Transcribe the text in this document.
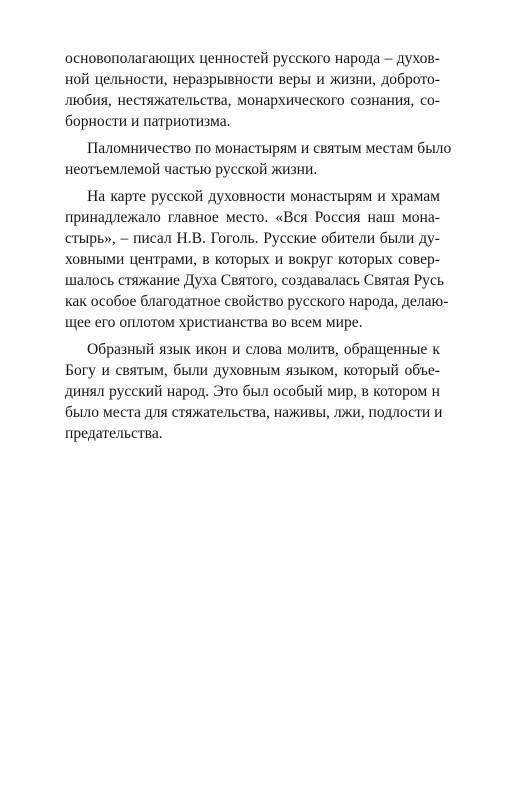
основополагающих ценностей русского народа – духов-
ной цельности, неразрывности веры и жизни, доброто-
любия, нестяжательства, монархического сознания, со-
борности и патриотизма.
Паломничество по монастырям и святым местам было
неотъемлемой частью русской жизни.
На карте русской духовности монастырям и храмам
принадлежало главное место. «Вся Россия наш мона-
стырь», – писал Н.В. Гоголь. Русские обители были ду-
ховными центрами, в которых и вокруг которых совер-
шалось стяжание Духа Святого, создавалась Святая Русь
как особое благодатное свойство русского народа, делаю-
щее его оплотом христианства во всем мире.
Образный язык икон и слова молитв, обращенные к
Богу и святым, были духовным языком, который объе-
динял русский народ. Это был особый мир, в котором н
было места для стяжательства, наживы, лжи, подлости и
предательства.
